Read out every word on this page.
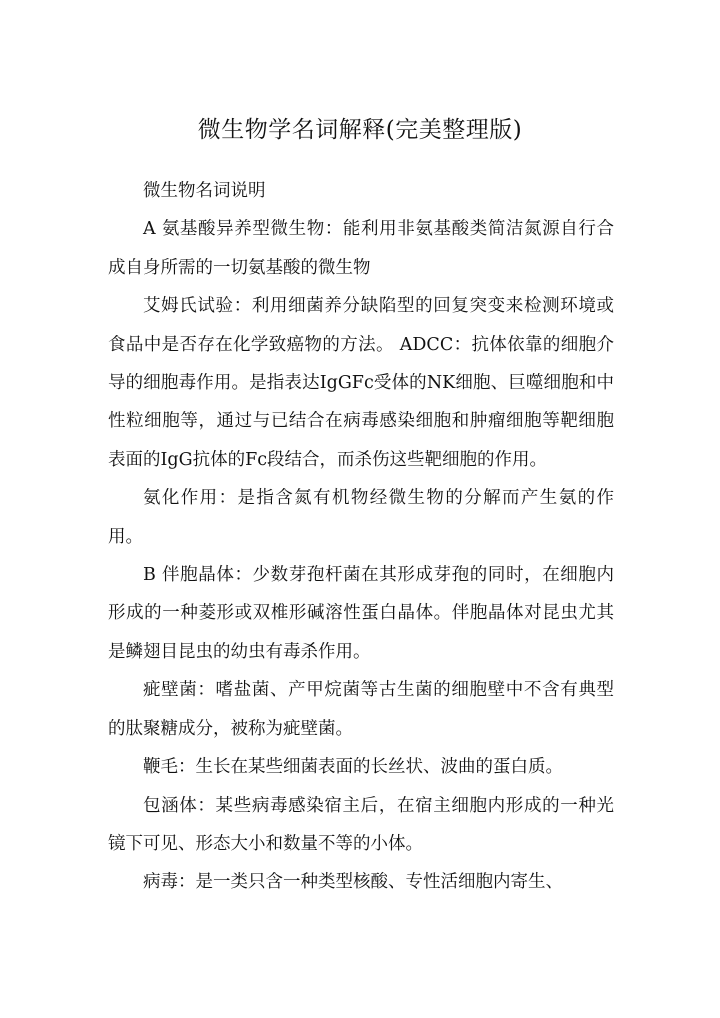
微生物学名词解释(完美整理版)

微生物名词说明

A 氨基酸异养型微生物：能利用非氨基酸类简洁氮源自行合成自身所需的一切氨基酸的微生物

艾姆氏试验：利用细菌养分缺陷型的回复突变来检测环境或食品中是否存在化学致癌物的方法。 ADCC：抗体依靠的细胞介导的细胞毒作用。是指表达IgGFc受体的NK细胞、巨噬细胞和中性粒细胞等，通过与已结合在病毒感染细胞和肿瘤细胞等靶细胞表面的IgG抗体的Fc段结合，而杀伤这些靶细胞的作用。

氨化作用：是指含氮有机物经微生物的分解而产生氨的作用。

B 伴胞晶体：少数芽孢杆菌在其形成芽孢的同时，在细胞内形成的一种菱形或双椎形碱溶性蛋白晶体。伴胞晶体对昆虫尤其是鳞翅目昆虫的幼虫有毒杀作用。

疵壁菌：嗜盐菌、产甲烷菌等古生菌的细胞壁中不含有典型的肽聚糖成分，被称为疵壁菌。

鞭毛：生长在某些细菌表面的长丝状、波曲的蛋白质。

包涵体：某些病毒感染宿主后，在宿主细胞内形成的一种光镜下可见、形态大小和数量不等的小体。

病毒：是一类只含一种类型核酸、专性活细胞内寄生、
